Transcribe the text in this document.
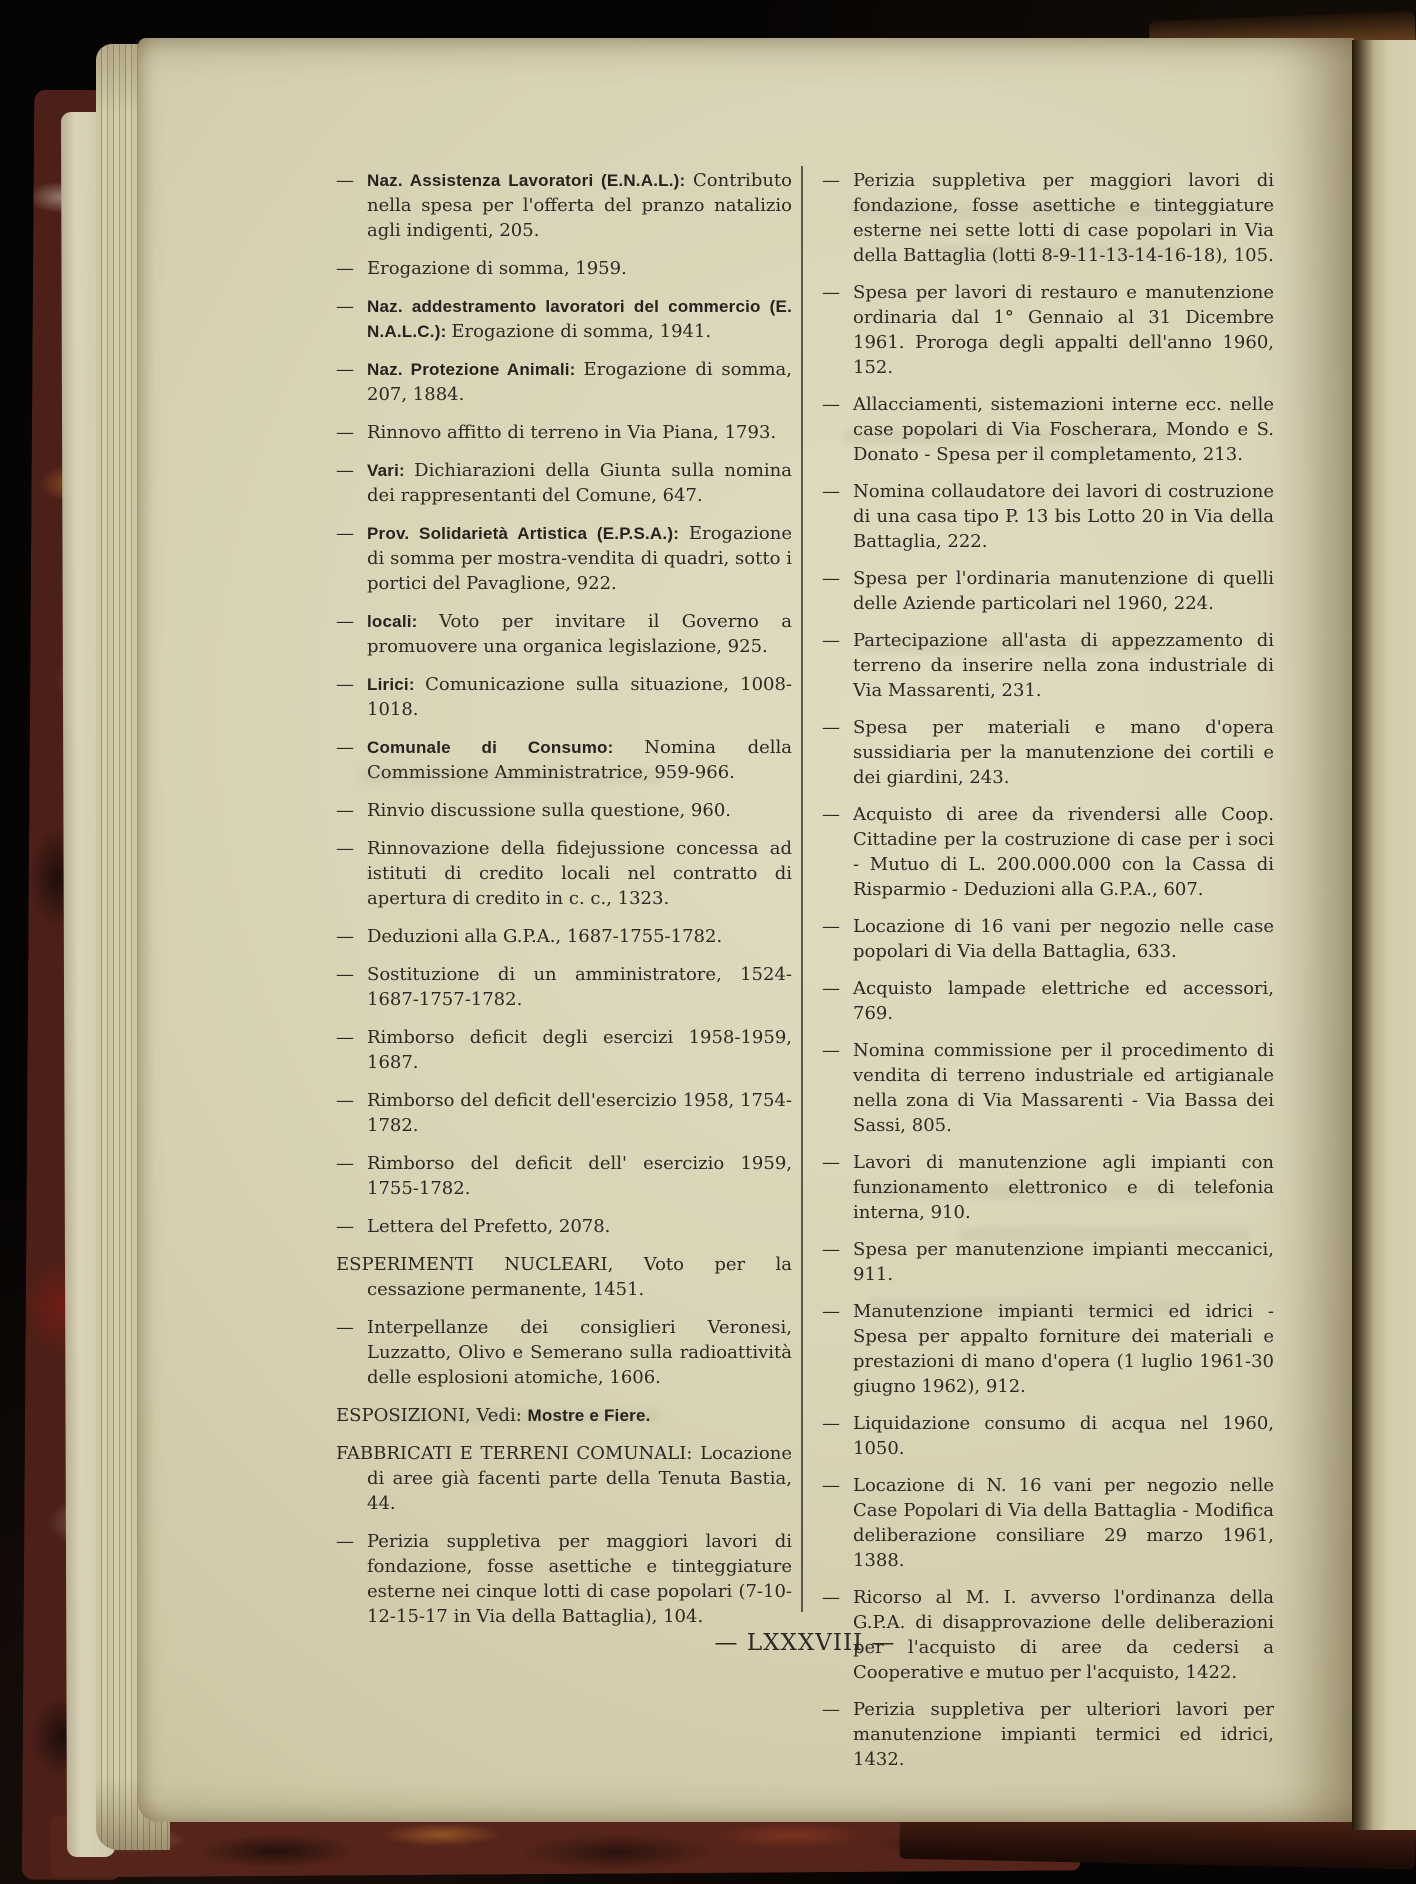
— Naz. Assistenza Lavoratori (E.N.A.L.): Contributo nella spesa per l'offerta del pranzo natalizio agli indigenti, 205.
— Erogazione di somma, 1959.
— Naz. addestramento lavoratori del commercio (E. N.A.L.C.): Erogazione di somma, 1941.
— Naz. Protezione Animali: Erogazione di somma, 207, 1884.
— Rinnovo affitto di terreno in Via Piana, 1793.
— Vari: Dichiarazioni della Giunta sulla nomina dei rappresentanti del Comune, 647.
— Prov. Solidarietà Artistica (E.P.S.A.): Erogazione di somma per mostra-vendita di quadri, sotto i portici del Pavaglione, 922.
— locali: Voto per invitare il Governo a promuovere una organica legislazione, 925.
— Lirici: Comunicazione sulla situazione, 1008-1018.
— Comunale di Consumo: Nomina della Commissione Amministratrice, 959-966.
— Rinvio discussione sulla questione, 960.
— Rinnovazione della fidejussione concessa ad istituti di credito locali nel contratto di apertura di credito in c. c., 1323.
— Deduzioni alla G.P.A., 1687-1755-1782.
— Sostituzione di un amministratore, 1524-1687-1757-1782.
— Rimborso deficit degli esercizi 1958-1959, 1687.
— Rimborso del deficit dell'esercizio 1958, 1754-1782.
— Rimborso del deficit dell' esercizio 1959, 1755-1782.
— Lettera del Prefetto, 2078.
ESPERIMENTI NUCLEARI, Voto per la cessazione permanente, 1451.
— Interpellanze dei consiglieri Veronesi, Luzzatto, Olivo e Semerano sulla radioattività delle esplosioni atomiche, 1606.
ESPOSIZIONI, Vedi: Mostre e Fiere.
FABBRICATI E TERRENI COMUNALI: Locazione di aree già facenti parte della Tenuta Bastia, 44.
— Perizia suppletiva per maggiori lavori di fondazione, fosse asettiche e tinteggiature esterne nei cinque lotti di case popolari (7-10-12-15-17 in Via della Battaglia), 104.
— Perizia suppletiva per maggiori lavori di fondazione, fosse asettiche e tinteggiature esterne nei sette lotti di case popolari in Via della Battaglia (lotti 8-9-11-13-14-16-18), 105.
— Spesa per lavori di restauro e manutenzione ordinaria dal 1° Gennaio al 31 Dicembre 1961. Proroga degli appalti dell'anno 1960, 152.
— Allacciamenti, sistemazioni interne ecc. nelle case popolari di Via Foscherara, Mondo e S. Donato - Spesa per il completamento, 213.
— Nomina collaudatore dei lavori di costruzione di una casa tipo P. 13 bis Lotto 20 in Via della Battaglia, 222.
— Spesa per l'ordinaria manutenzione di quelli delle Aziende particolari nel 1960, 224.
— Partecipazione all'asta di appezzamento di terreno da inserire nella zona industriale di Via Massarenti, 231.
— Spesa per materiali e mano d'opera sussidiaria per la manutenzione dei cortili e dei giardini, 243.
— Acquisto di aree da rivendersi alle Coop. Cittadine per la costruzione di case per i soci - Mutuo di L. 200.000.000 con la Cassa di Risparmio - Deduzioni alla G.P.A., 607.
— Locazione di 16 vani per negozio nelle case popolari di Via della Battaglia, 633.
— Acquisto lampade elettriche ed accessori, 769.
— Nomina commissione per il procedimento di vendita di terreno industriale ed artigianale nella zona di Via Massarenti - Via Bassa dei Sassi, 805.
— Lavori di manutenzione agli impianti con funzionamento elettronico e di telefonia interna, 910.
— Spesa per manutenzione impianti meccanici, 911.
— Manutenzione impianti termici ed idrici - Spesa per appalto forniture dei materiali e prestazioni di mano d'opera (1 luglio 1961-30 giugno 1962), 912.
— Liquidazione consumo di acqua nel 1960, 1050.
— Locazione di N. 16 vani per negozio nelle Case Popolari di Via della Battaglia - Modifica deliberazione consiliare 29 marzo 1961, 1388.
— Ricorso al M. I. avverso l'ordinanza della G.P.A. di disapprovazione delle deliberazioni per l'acquisto di aree da cedersi a Cooperative e mutuo per l'acquisto, 1422.
— Perizia suppletiva per ulteriori lavori per manutenzione impianti termici ed idrici, 1432.
— LXXXVIII —
